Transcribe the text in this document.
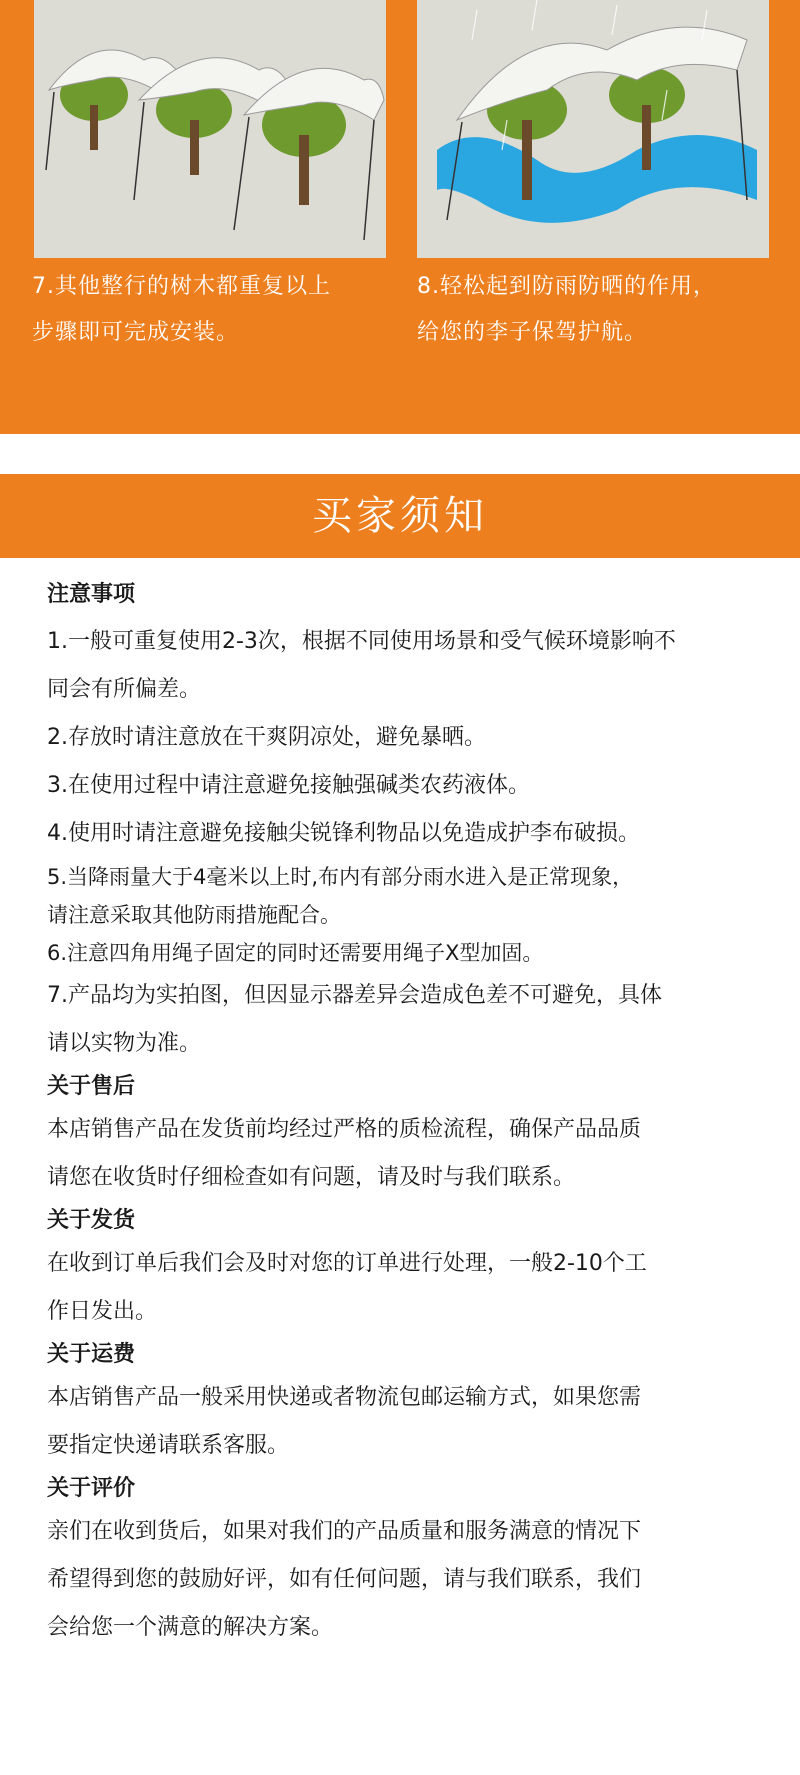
7.其他整行的树木都重复以上
步骤即可完成安装。
8.轻松起到防雨防晒的作用，
给您的李子保驾护航。
买家须知

注意事项

1.一般可重复使用2-3次，根据不同使用场景和受气候环境影响不

同会有所偏差。

2.存放时请注意放在干爽阴凉处，避免暴晒。

3.在使用过程中请注意避免接触强碱类农药液体。

4.使用时请注意避免接触尖锐锋利物品以免造成护李布破损。

5.当降雨量大于4毫米以上时,布内有部分雨水进入是正常现象，

请注意采取其他防雨措施配合。

6.注意四角用绳子固定的同时还需要用绳子X型加固。

7.产品均为实拍图，但因显示器差异会造成色差不可避免，具体

请以实物为准。

关于售后

本店销售产品在发货前均经过严格的质检流程，确保产品品质

请您在收货时仔细检查如有问题，请及时与我们联系。

关于发货

在收到订单后我们会及时对您的订单进行处理，一般2-10个工

作日发出。

关于运费

本店销售产品一般采用快递或者物流包邮运输方式，如果您需

要指定快递请联系客服。

关于评价

亲们在收到货后，如果对我们的产品质量和服务满意的情况下

希望得到您的鼓励好评，如有任何问题，请与我们联系，我们

会给您一个满意的解决方案。
